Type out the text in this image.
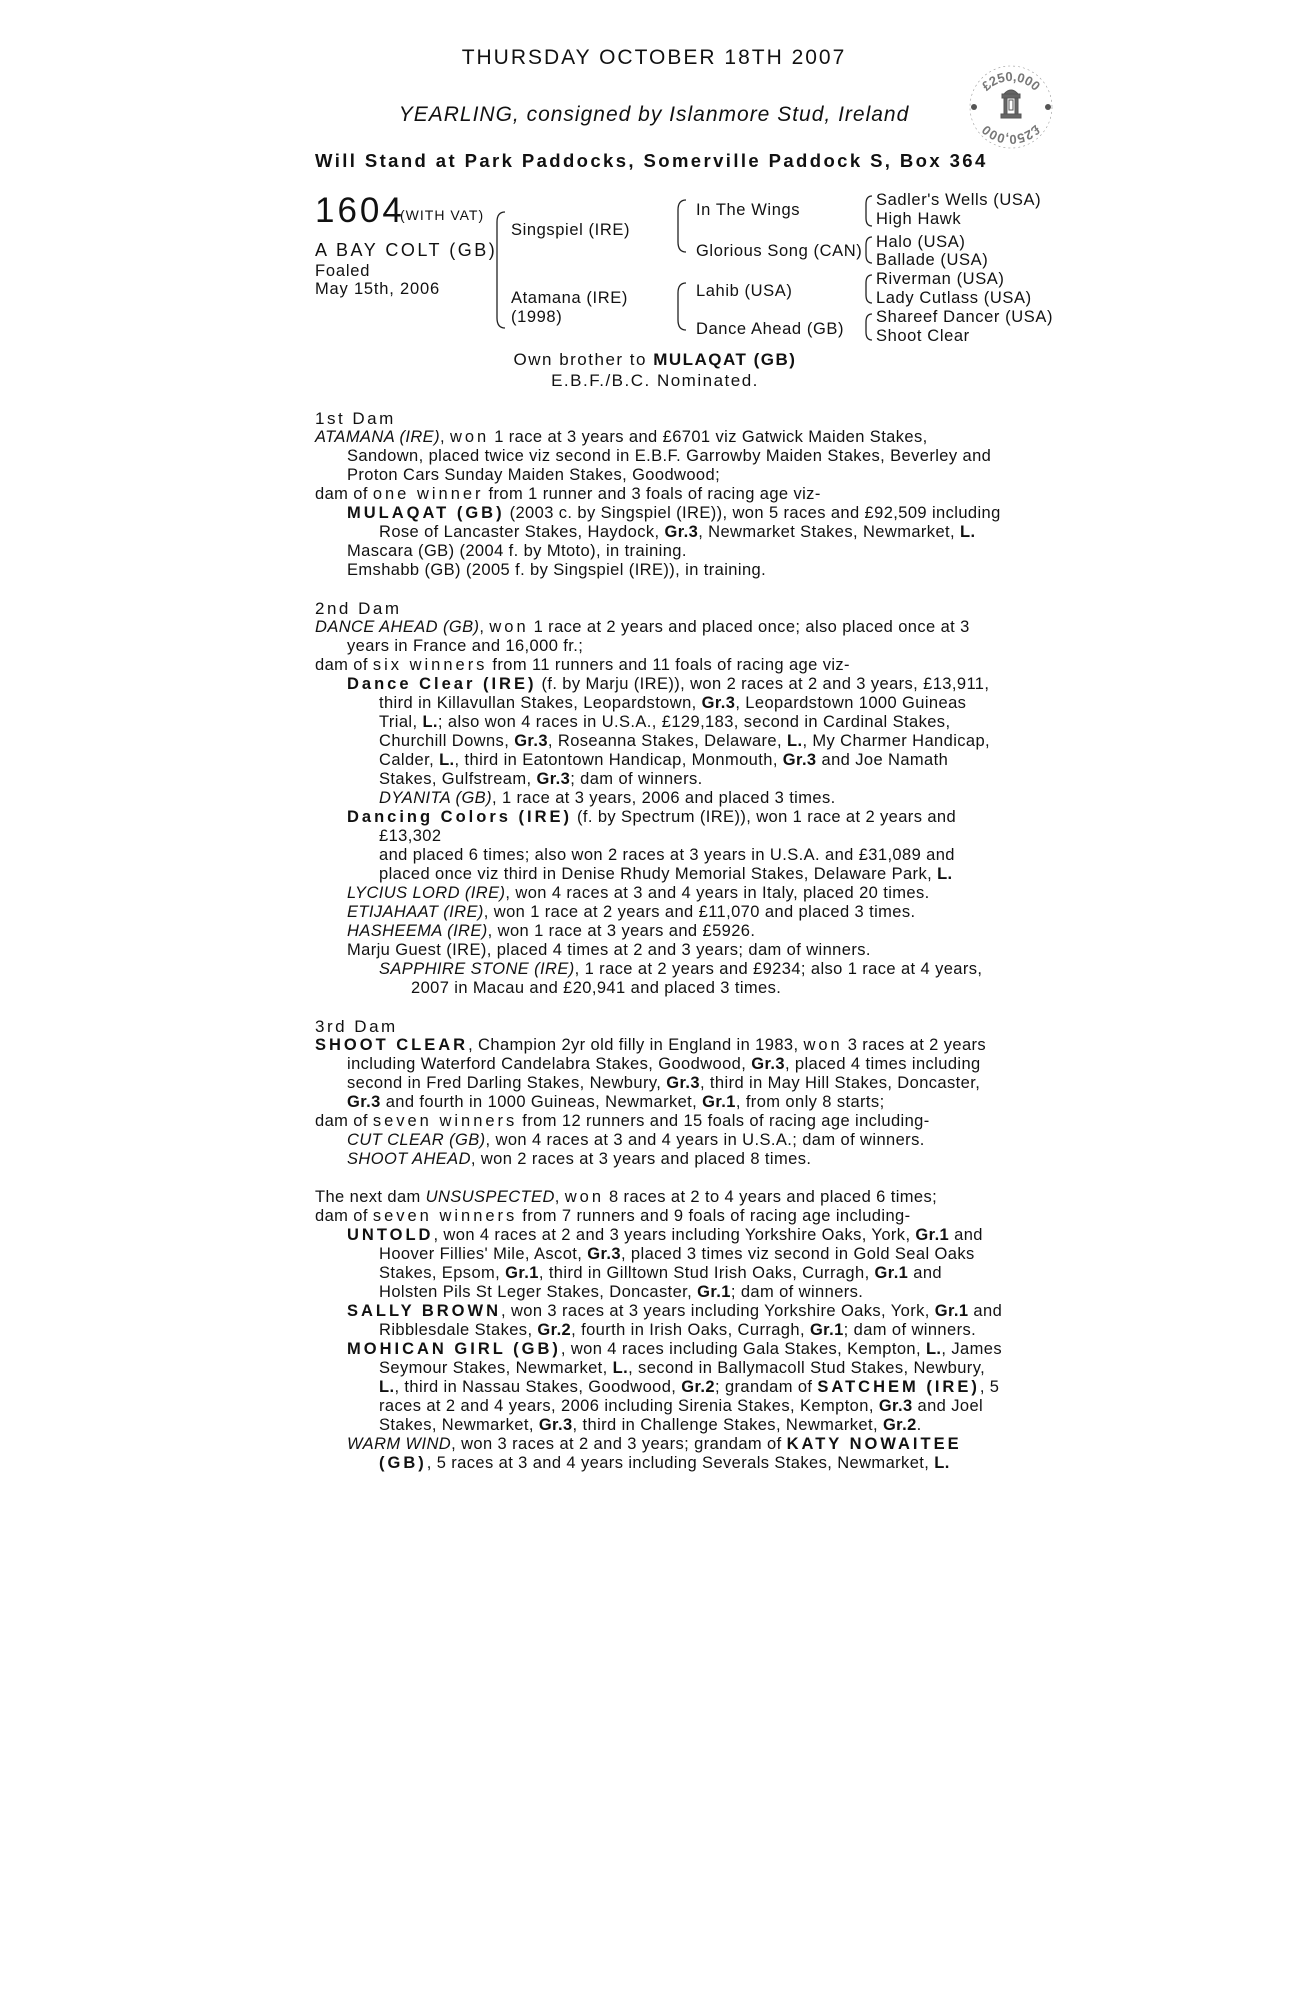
THURSDAY OCTOBER 18TH 2007
YEARLING, consigned by Islanmore Stud, Ireland
Will Stand at Park Paddocks, Somerville Paddock S, Box 364
£250,000
£250,000
1604
(WITH VAT)
A BAY COLT (GB)
Foaled
May 15th, 2006
Singspiel (IRE)
Atamana (IRE)
(1998)
In The Wings
Glorious Song (CAN)
Lahib (USA)
Dance Ahead (GB)
Sadler's Wells (USA)
High Hawk
Halo (USA)
Ballade (USA)
Riverman (USA)
Lady Cutlass (USA)
Shareef Dancer (USA)
Shoot Clear
Own brother to MULAQAT (GB)
E.B.F./B.C. Nominated.

1st Dam

ATAMANA (IRE), won 1 race at 3 years and £6701 viz Gatwick Maiden Stakes,
Sandown, placed twice viz second in E.B.F. Garrowby Maiden Stakes, Beverley and
Proton Cars Sunday Maiden Stakes, Goodwood;

dam of one winner from 1 runner and 3 foals of racing age viz-

MULAQAT (GB) (2003 c. by Singspiel (IRE)), won 5 races and £92,509 including
Rose of Lancaster Stakes, Haydock, Gr.3, Newmarket Stakes, Newmarket, L.

Mascara (GB) (2004 f. by Mtoto), in training.

Emshabb (GB) (2005 f. by Singspiel (IRE)), in training.

2nd Dam

DANCE AHEAD (GB), won 1 race at 2 years and placed once; also placed once at 3
years in France and 16,000 fr.;

dam of six winners from 11 runners and 11 foals of racing age viz-

Dance Clear (IRE) (f. by Marju (IRE)), won 2 races at 2 and 3 years, £13,911,
third in Killavullan Stakes, Leopardstown, Gr.3, Leopardstown 1000 Guineas
Trial, L.; also won 4 races in U.S.A., £129,183, second in Cardinal Stakes,
Churchill Downs, Gr.3, Roseanna Stakes, Delaware, L., My Charmer Handicap,
Calder, L., third in Eatontown Handicap, Monmouth, Gr.3 and Joe Namath
Stakes, Gulfstream, Gr.3; dam of winners.

DYANITA (GB), 1 race at 3 years, 2006 and placed 3 times.

Dancing Colors (IRE) (f. by Spectrum (IRE)), won 1 race at 2 years and £13,302
and placed 6 times; also won 2 races at 3 years in U.S.A. and £31,089 and
placed once viz third in Denise Rhudy Memorial Stakes, Delaware Park, L.

LYCIUS LORD (IRE), won 4 races at 3 and 4 years in Italy, placed 20 times.

ETIJAHAAT (IRE), won 1 race at 2 years and £11,070 and placed 3 times.

HASHEEMA (IRE), won 1 race at 3 years and £5926.

Marju Guest (IRE), placed 4 times at 2 and 3 years; dam of winners.

SAPPHIRE STONE (IRE), 1 race at 2 years and £9234; also 1 race at 4 years,
2007 in Macau and £20,941 and placed 3 times.

3rd Dam

SHOOT CLEAR, Champion 2yr old filly in England in 1983, won 3 races at 2 years
including Waterford Candelabra Stakes, Goodwood, Gr.3, placed 4 times including
second in Fred Darling Stakes, Newbury, Gr.3, third in May Hill Stakes, Doncaster,
Gr.3 and fourth in 1000 Guineas, Newmarket, Gr.1, from only 8 starts;

dam of seven winners from 12 runners and 15 foals of racing age including-

CUT CLEAR (GB), won 4 races at 3 and 4 years in U.S.A.; dam of winners.

SHOOT AHEAD, won 2 races at 3 years and placed 8 times.

The next dam UNSUSPECTED, won 8 races at 2 to 4 years and placed 6 times;

dam of seven winners from 7 runners and 9 foals of racing age including-

UNTOLD, won 4 races at 2 and 3 years including Yorkshire Oaks, York, Gr.1 and
Hoover Fillies' Mile, Ascot, Gr.3, placed 3 times viz second in Gold Seal Oaks
Stakes, Epsom, Gr.1, third in Gilltown Stud Irish Oaks, Curragh, Gr.1 and
Holsten Pils St Leger Stakes, Doncaster, Gr.1; dam of winners.
SALLY BROWN, won 3 races at 3 years including Yorkshire Oaks, York, Gr.1 and
Ribblesdale Stakes, Gr.2, fourth in Irish Oaks, Curragh, Gr.1; dam of winners.
MOHICAN GIRL (GB), won 4 races including Gala Stakes, Kempton, L., James
Seymour Stakes, Newmarket, L., second in Ballymacoll Stud Stakes, Newbury,
L., third in Nassau Stakes, Goodwood, Gr.2; grandam of SATCHEM (IRE), 5
races at 2 and 4 years, 2006 including Sirenia Stakes, Kempton, Gr.3 and Joel
Stakes, Newmarket, Gr.3, third in Challenge Stakes, Newmarket, Gr.2.
WARM WIND, won 3 races at 2 and 3 years; grandam of KATY NOWAITEE
(GB), 5 races at 3 and 4 years including Severals Stakes, Newmarket, L.
